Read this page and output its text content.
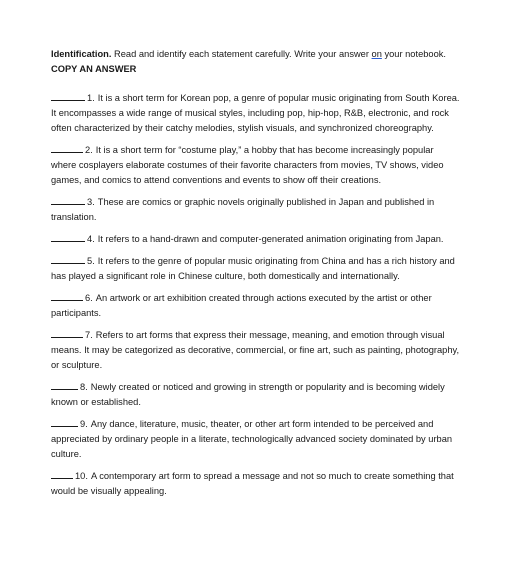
Identification. Read and identify each statement carefully. Write your answer on your notebook. COPY AN ANSWER

1. It is a short term for Korean pop, a genre of popular music originating from South Korea. It encompasses a wide range of musical styles, including pop, hip-hop, R&B, electronic, and rock often characterized by their catchy melodies, stylish visuals, and synchronized choreography.

2. It is a short term for “costume play,” a hobby that has become increasingly popular where cosplayers elaborate costumes of their favorite characters from movies, TV shows, video games, and comics to attend conventions and events to show off their creations.

3. These are comics or graphic novels originally published in Japan and published in translation.

4. It refers to a hand-drawn and computer-generated animation originating from Japan.

5. It refers to the genre of popular music originating from China and has a rich history and has played a significant role in Chinese culture, both domestically and internationally.

6. An artwork or art exhibition created through actions executed by the artist or other participants.

7. Refers to art forms that express their message, meaning, and emotion through visual means. It may be categorized as decorative, commercial, or fine art, such as painting, photography, or sculpture.

8. Newly created or noticed and growing in strength or popularity and is becoming widely known or established.

9. Any dance, literature, music, theater, or other art form intended to be perceived and appreciated by ordinary people in a literate, technologically advanced society dominated by urban culture.

10. A contemporary art form to spread a message and not so much to create something that would be visually appealing.
